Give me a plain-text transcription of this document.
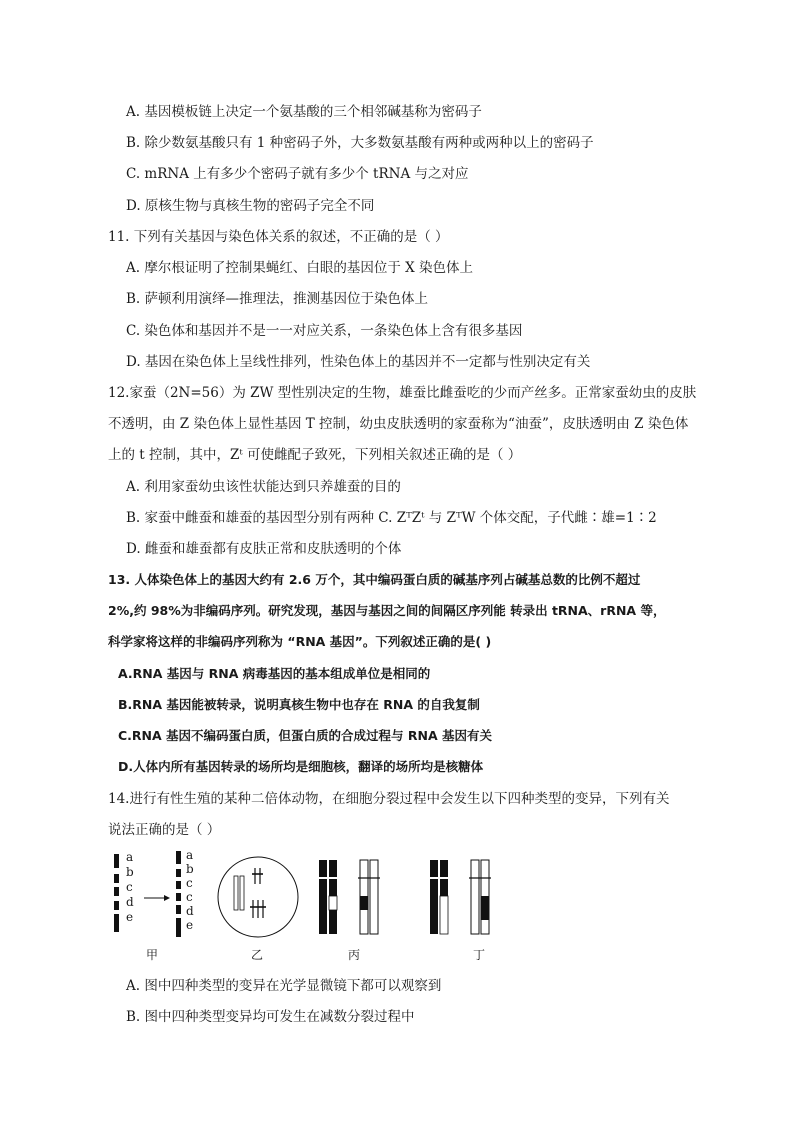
A. 基因模板链上决定一个氨基酸的三个相邻碱基称为密码子
B. 除少数氨基酸只有 1 种密码子外，大多数氨基酸有两种或两种以上的密码子
C. mRNA 上有多少个密码子就有多少个 tRNA 与之对应
D. 原核生物与真核生物的密码子完全不同
11. 下列有关基因与染色体关系的叙述，不正确的是（ ）
A. 摩尔根证明了控制果蝇红、白眼的基因位于 X 染色体上
B. 萨顿利用演绎—推理法，推测基因位于染色体上
C. 染色体和基因并不是一一对应关系，一条染色体上含有很多基因
D. 基因在染色体上呈线性排列，性染色体上的基因并不一定都与性别决定有关
12.家蚕（2N=56）为 ZW 型性别决定的生物，雄蚕比雌蚕吃的少而产丝多。正常家蚕幼虫的皮肤
不透明，由 Z 染色体上显性基因 T 控制，幼虫皮肤透明的家蚕称为“油蚕”，皮肤透明由 Z 染色体
上的 t 控制，其中，Zᵗ 可使雌配子致死，下列相关叙述正确的是（ ）
A. 利用家蚕幼虫该性状能达到只养雄蚕的目的
B. 家蚕中雌蚕和雄蚕的基因型分别有两种 C. ZᵀZᵗ 与 ZᵀW 个体交配，子代雌∶雄=1∶2
D. 雌蚕和雄蚕都有皮肤正常和皮肤透明的个体
13. 人体染色体上的基因大约有 2.6 万个，其中编码蛋白质的碱基序列占碱基总数的比例不超过
2%,约 98%为非编码序列。研究发现，基因与基因之间的间隔区序列能 转录出 tRNA、rRNA 等，
科学家将这样的非编码序列称为 “RNA 基因”。下列叙述正确的是( )
A.RNA 基因与 RNA 病毒基因的基本组成单位是相同的
B.RNA 基因能被转录，说明真核生物中也存在 RNA 的自我复制
C.RNA 基因不编码蛋白质，但蛋白质的合成过程与 RNA 基因有关
D.人体内所有基因转录的场所均是细胞核，翻译的场所均是核糖体
14.进行有性生殖的某种二倍体动物，在细胞分裂过程中会发生以下四种类型的变异，下列有关
说法正确的是（ ）
a
b
c
d
e
a
b
c
c
d
e
甲	乙	丙	丁
A. 图中四种类型的变异在光学显微镜下都可以观察到
B. 图中四种类型变异均可发生在减数分裂过程中
